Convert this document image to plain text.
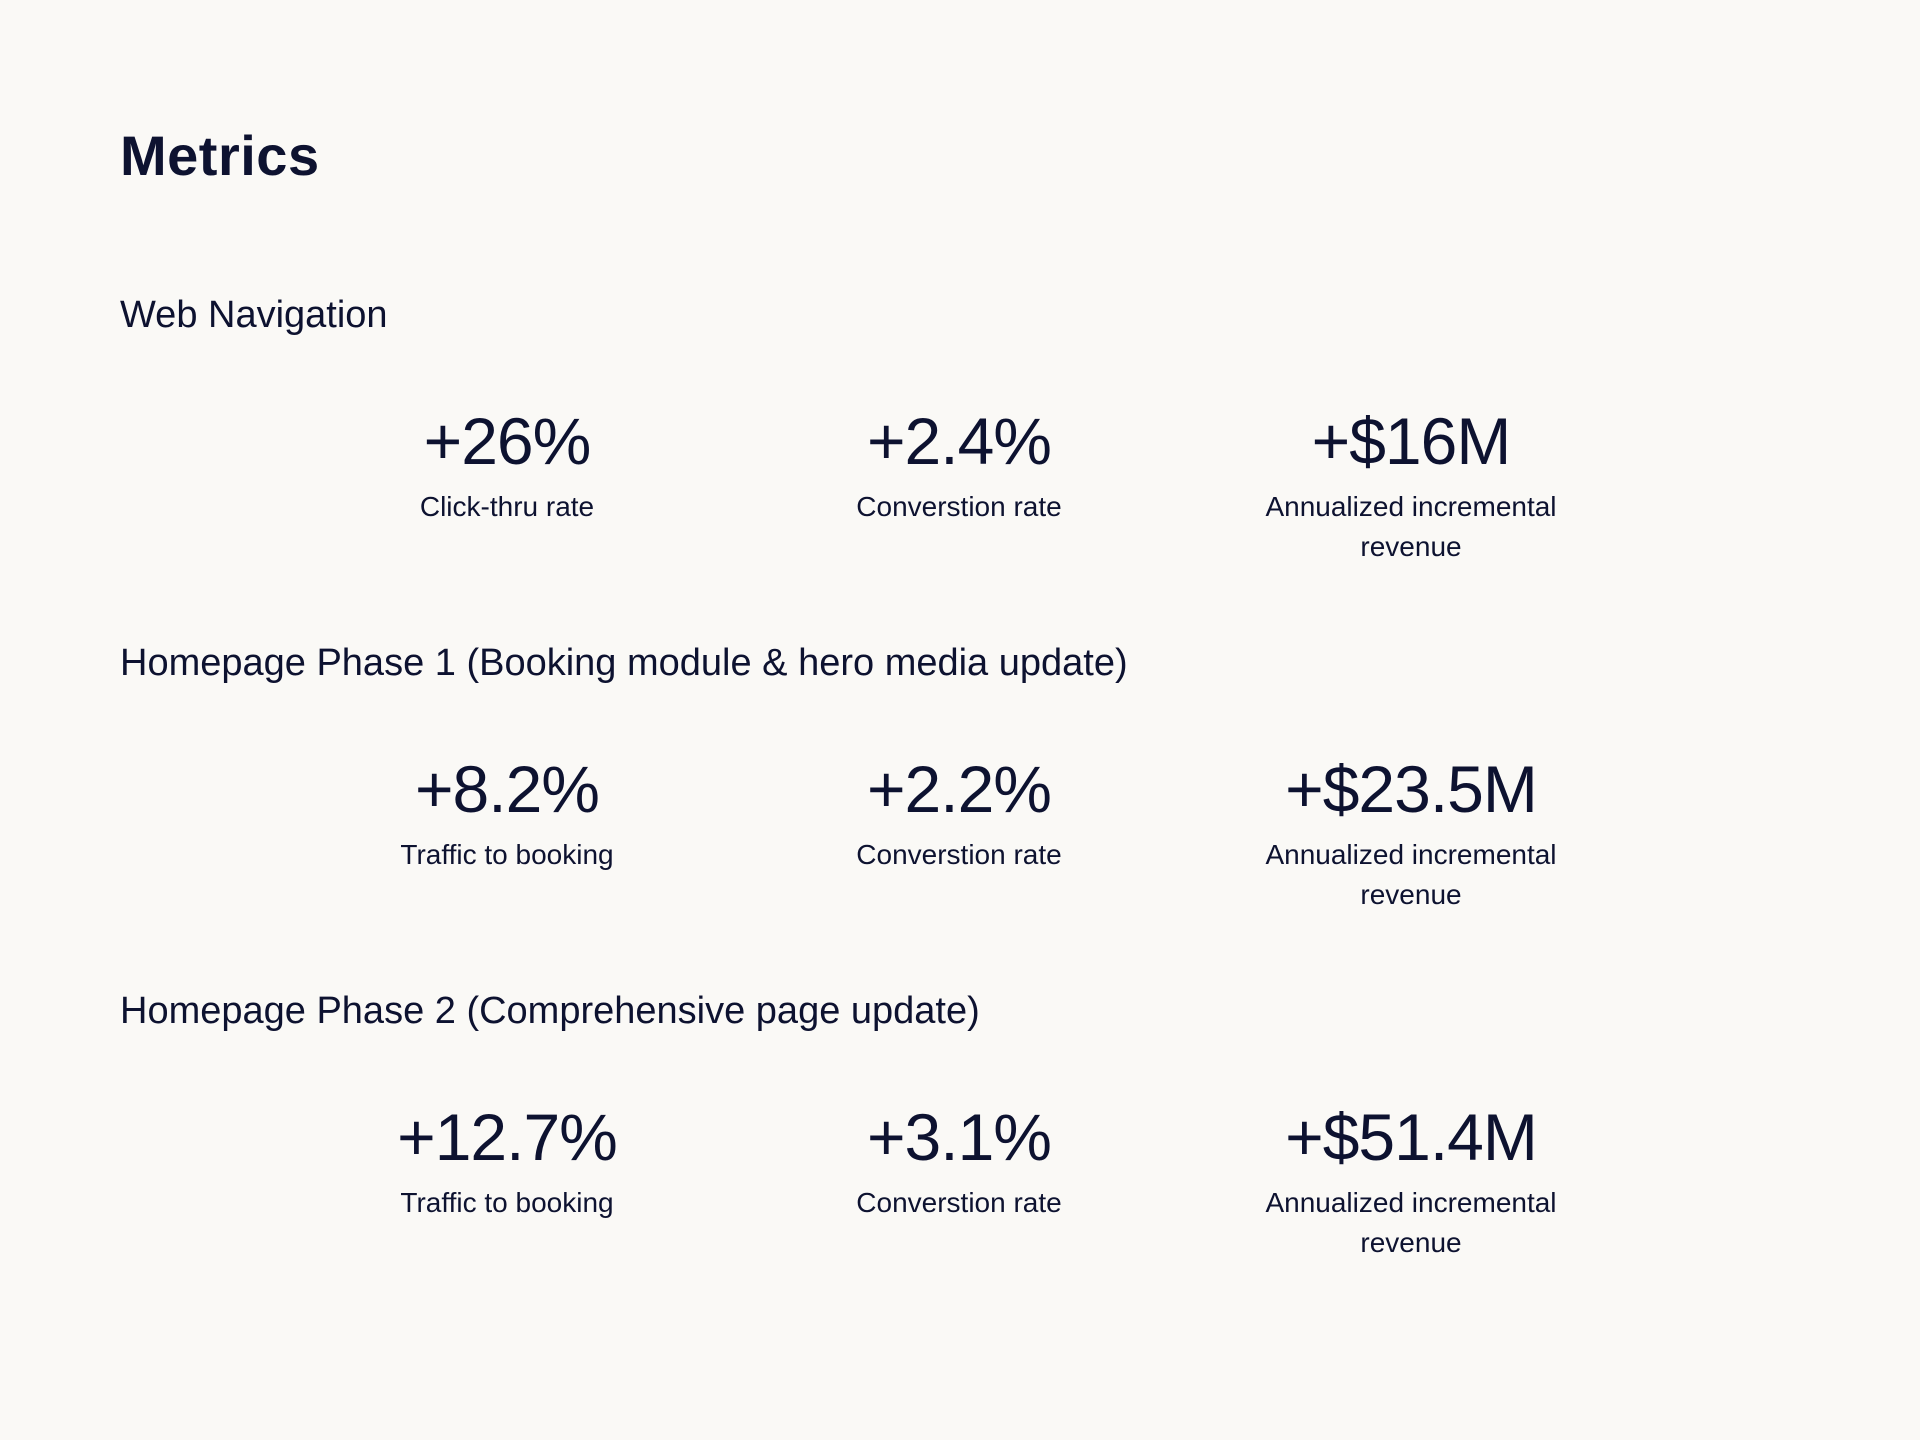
Metrics
Web Navigation
+26%
Click-thru rate
+2.4%
Converstion rate
+$16M
Annualized incremental revenue
Homepage Phase 1 (Booking module & hero media update)
+8.2%
Traffic to booking
+2.2%
Converstion rate
+$23.5M
Annualized incremental revenue
Homepage Phase 2 (Comprehensive page update)
+12.7%
Traffic to booking
+3.1%
Converstion rate
+$51.4M
Annualized incremental revenue
